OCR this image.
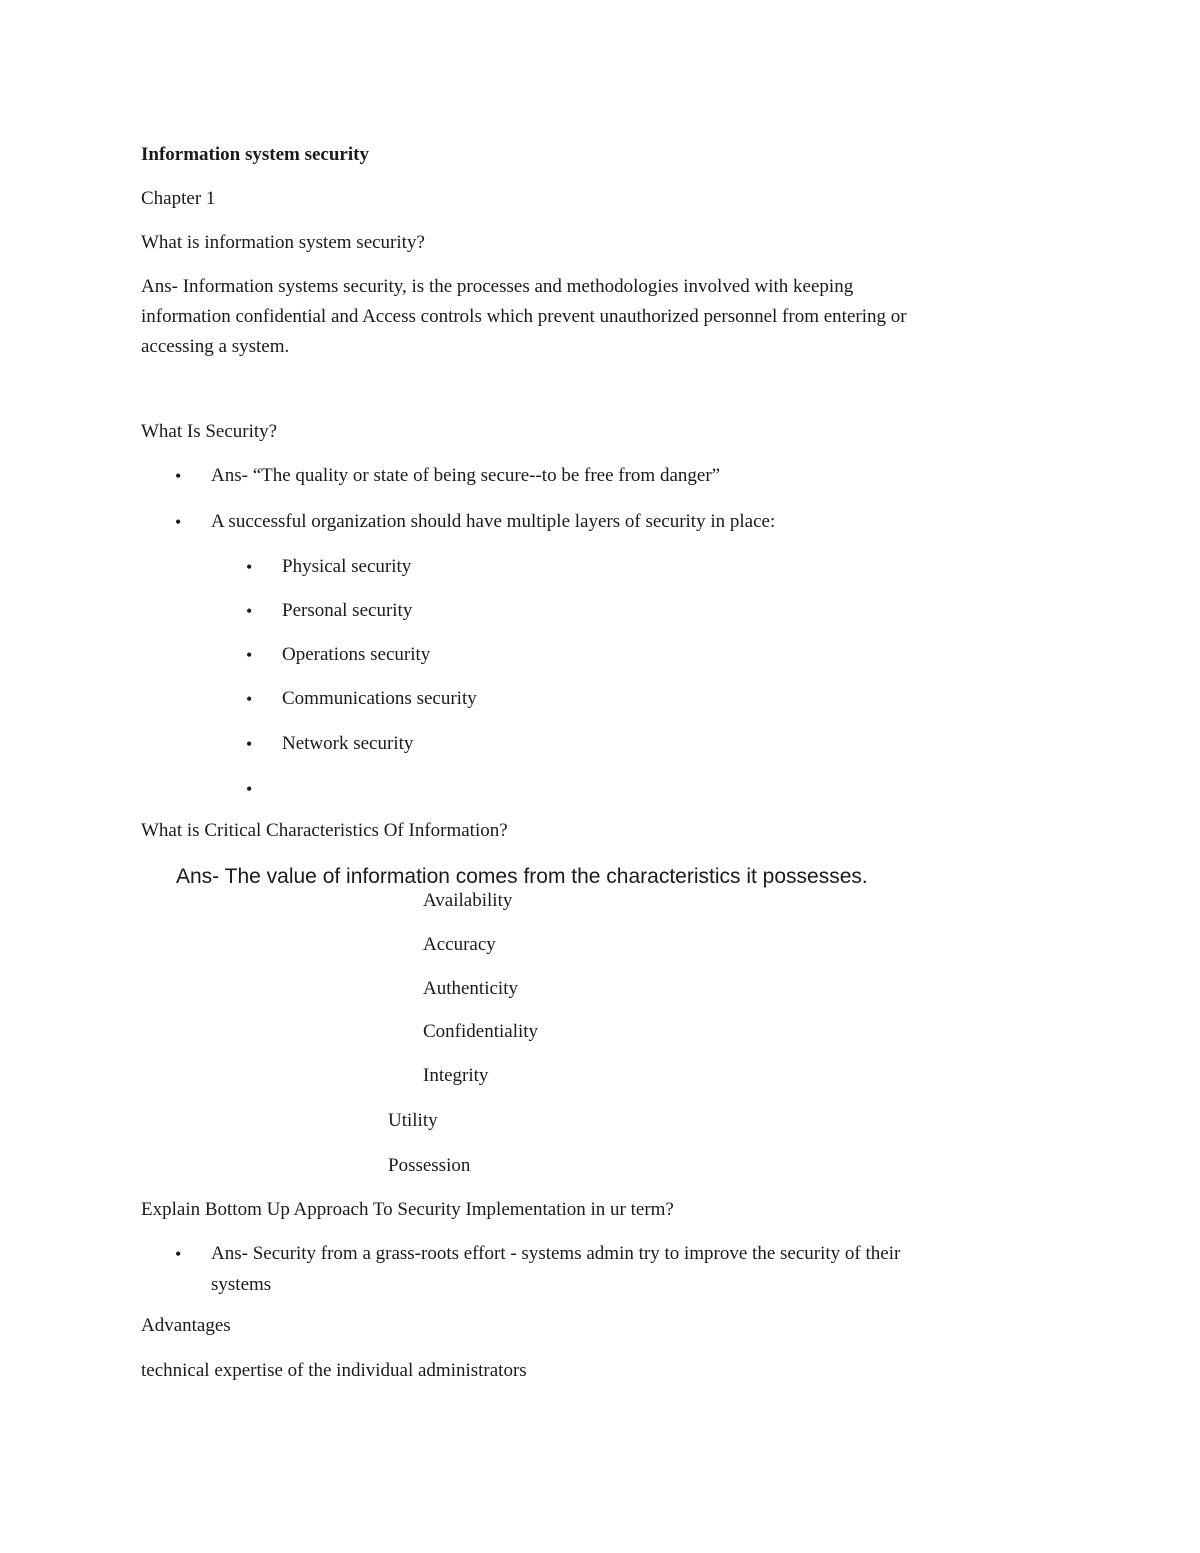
Information system security
Chapter 1
What is information system security?
Ans- Information systems security, is the processes and methodologies involved with keeping
information confidential and Access controls which prevent unauthorized personnel from entering or
accessing a system.
What Is Security?
• Ans- “The quality or state of being secure--to be free from danger”
• A successful organization should have multiple layers of security in place:
• Physical security
• Personal security
• Operations security
• Communications security
• Network security
•
What is Critical Characteristics Of Information?
Ans- The value of information comes from the characteristics it possesses.
Availability
Accuracy
Authenticity
Confidentiality
Integrity
Utility
Possession
Explain Bottom Up Approach To Security Implementation in ur term?
• Ans- Security from a grass-roots effort - systems admin try to improve the security of their
systems
Advantages
technical expertise of the individual administrators
